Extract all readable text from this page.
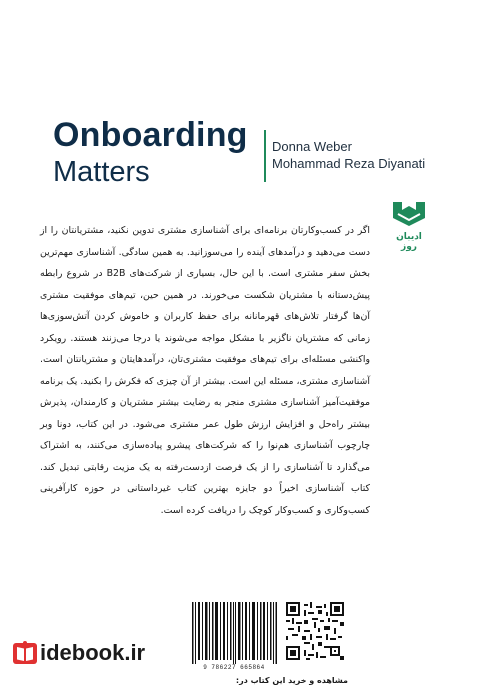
Onboarding
Matters
Donna Weber
Mohammad Reza Diyanati
ادیبان روز
اگر در کسب‌وکارتان برنامه‌ای برای آشناسازی مشتری تدوین نکنید، مشتریانتان را از دست می‌دهید و درآمدهای آینده را می‌سوزانید. به همین سادگی. آشناسازی مهم‌ترین بخش سفر مشتری است. با این حال، بسیاری از شرکت‌های B2B در شروع رابطه پیش‌دستانه با مشتریان شکست می‌خورند. در همین حین، تیم‌های موفقیت مشتری آن‌ها گرفتار تلاش‌های قهرمانانه برای حفظ کاربران و خاموش کردن آتش‌سوزی‌ها زمانی که مشتریان ناگزیر با مشکل مواجه می‌شوند یا درجا می‌زنند هستند. رویکرد واکنشی مسئله‌ای برای تیم‌های موفقیت مشتری‌تان، درآمدهایتان و مشتریانتان است. آشناسازی مشتری، مسئله این است. بیشتر از آن چیزی که فکرش را بکنید. یک برنامه موفقیت‌آمیز آشناسازی مشتری منجر به رضایت بیشتر مشتریان و کارمندان، پذیرش بیشتر راه‌حل و افزایش ارزش طول عمر مشتری می‌شود. در این کتاب، دونا وبر چارچوب آشناسازی هم‌نوا را که شرکت‌های پیشرو پیاده‌سازی می‌کنند، به اشتراک می‌گذارد تا آشناسازی را از یک فرصت ازدست‌رفته به یک مزیت رقابتی تبدیل کند. کتاب آشناسازی اخیراً دو جایزه بهترین کتاب غیرداستانی در حوزه کارآفرینی کسب‌وکاری و کسب‌وکار کوچک را دریافت کرده است.
9 786227 665864
idebook.ir
مشاهده و خرید این کتاب در:
